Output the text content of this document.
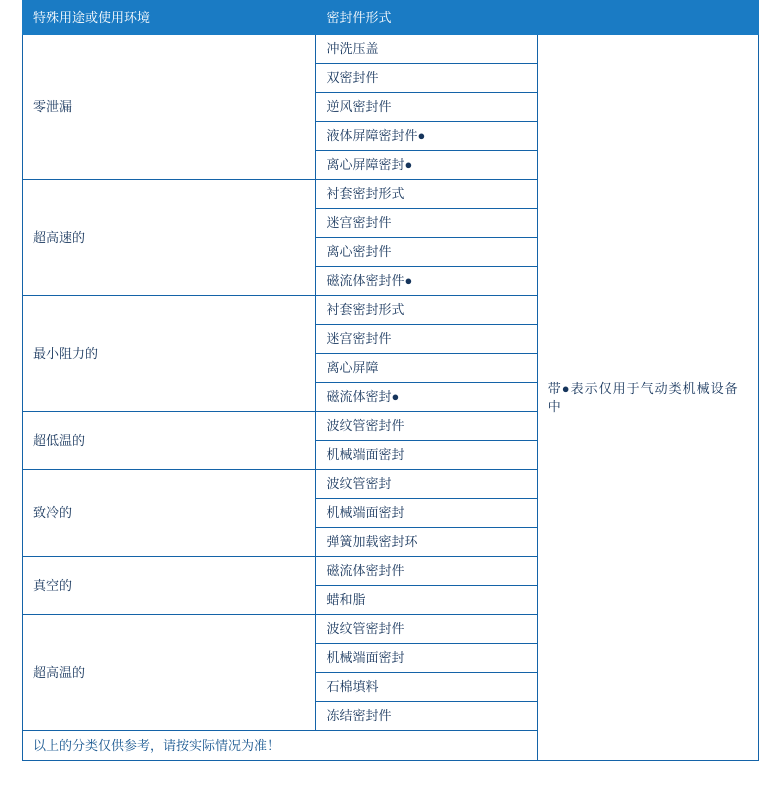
特殊用途或使用环境	密封件形式	
零泄漏	冲洗压盖	带●表示仅用于气动类机械设备中

	双密封件	
	逆风密封件	
	液体屏障密封件●	
	离心屏障密封●	
超高速的	衬套密封形式	
	迷宫密封件	
	离心密封件	
	磁流体密封件●	
最小阻力的	衬套密封形式	
	迷宫密封件	
	离心屏障	
	磁流体密封●	
超低温的	波纹管密封件	
	机械端面密封	
致冷的	波纹管密封	
	机械端面密封	
	弹簧加载密封环	
真空的	磁流体密封件	
	蜡和脂	
超高温的	波纹管密封件	
	机械端面密封	
	石棉填料	
	冻结密封件	
以上的分类仅供参考，请按实际情况为准！		
